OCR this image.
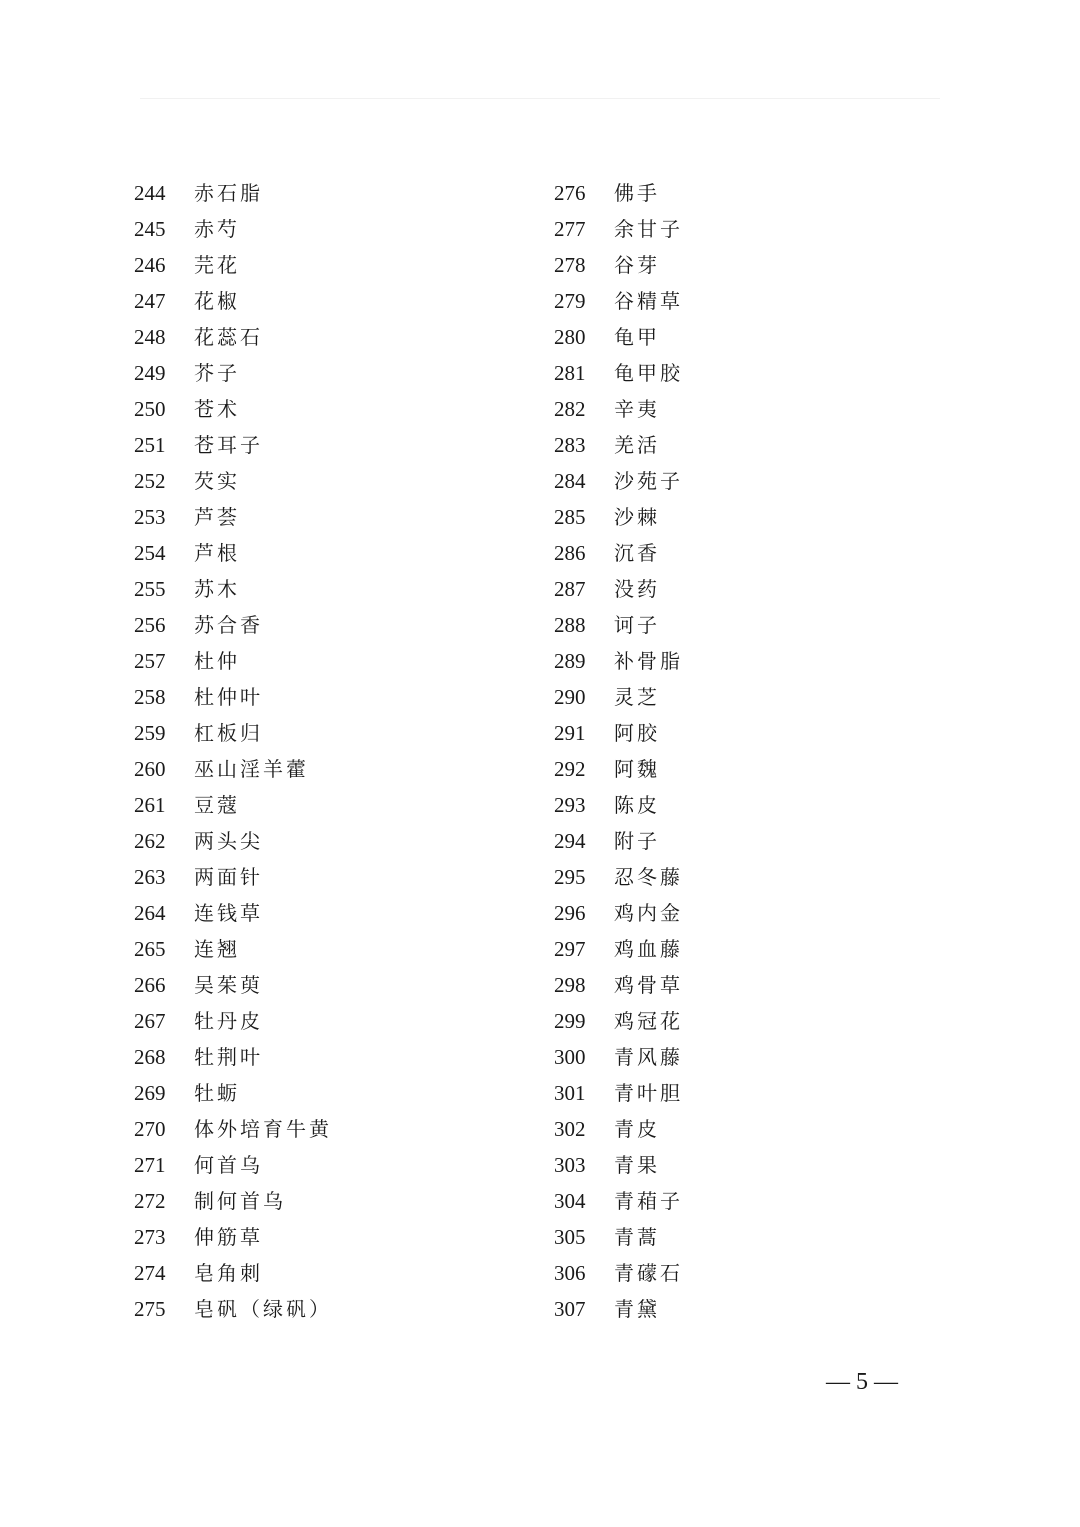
244 赤石脂
245 赤芍
246 芫花
247 花椒
248 花蕊石
249 芥子
250 苍术
251 苍耳子
252 芡实
253 芦荟
254 芦根
255 苏木
256 苏合香
257 杜仲
258 杜仲叶
259 杠板归
260 巫山淫羊藿
261 豆蔻
262 两头尖
263 两面针
264 连钱草
265 连翘
266 吴茱萸
267 牡丹皮
268 牡荆叶
269 牡蛎
270 体外培育牛黄
271 何首乌
272 制何首乌
273 伸筋草
274 皂角刺
275 皂矾（绿矾）
276 佛手
277 余甘子
278 谷芽
279 谷精草
280 龟甲
281 龟甲胶
282 辛夷
283 羌活
284 沙苑子
285 沙棘
286 沉香
287 没药
288 诃子
289 补骨脂
290 灵芝
291 阿胶
292 阿魏
293 陈皮
294 附子
295 忍冬藤
296 鸡内金
297 鸡血藤
298 鸡骨草
299 鸡冠花
300 青风藤
301 青叶胆
302 青皮
303 青果
304 青葙子
305 青蒿
306 青礞石
307 青黛
— 5 —
